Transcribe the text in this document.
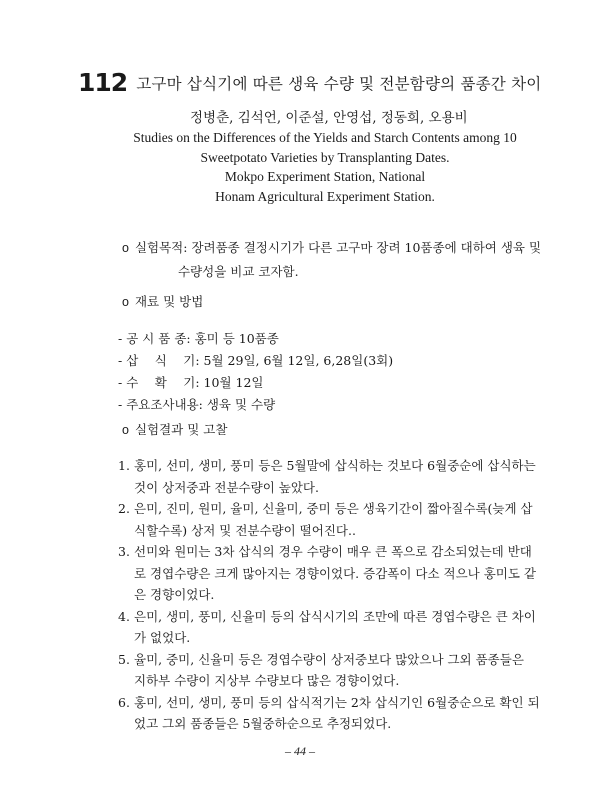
112 고구마 삽식기에 따른 생육 수량 및 전분함량의 품종간 차이
정병춘, 김석언, 이준설, 안영섭, 정동희, 오용비
Studies on the Differences of the Yields and Starch Contents among 10
Sweetpotato Varieties by Transplanting Dates.
Mokpo Experiment Station, National
Honam Agricultural Experiment Station.
o 실험목적: 장려품종 결정시기가 다른 고구마 장려 10품종에 대하여 생육 및
수량성을 비교 코자함.
o 재료 및 방법
- 공 시 품 종: 홍미 등 10품종
- 삽　 식　 기: 5월 29일, 6월 12일, 6,28일(3회)
- 수　 확　 기: 10월 12일
- 주요조사내용: 생육 및 수량
o 실험결과 및 고찰
1. 홍미, 선미, 생미, 풍미 등은 5월말에 삽식하는 것보다 6월중순에 삽식하는
것이 상저중과 전분수량이 높았다.
2. 은미, 진미, 원미, 율미, 신율미, 중미 등은 생육기간이 짧아질수록(늦게 삽
식할수록) 상저 및 전분수량이 떨어진다..
3. 선미와 원미는 3차 삽식의 경우 수량이 매우 큰 폭으로 감소되었는데 반대
로 경엽수량은 크게 많아지는 경향이었다. 증감폭이 다소 적으나 홍미도 같
은 경향이었다.
4. 은미, 생미, 풍미, 신율미 등의 삽식시기의 조만에 따른 경엽수량은 큰 차이
가 없었다.
5. 율미, 중미, 신율미 등은 경엽수량이 상저중보다 많았으나 그외 품종들은
지하부 수량이 지상부 수량보다 많은 경향이었다.
6. 홍미, 선미, 생미, 풍미 등의 삽식적기는 2차 삽식기인 6월중순으로 확인 되
었고 그외 품종들은 5월중하순으로 추정되었다.
– 44 –
